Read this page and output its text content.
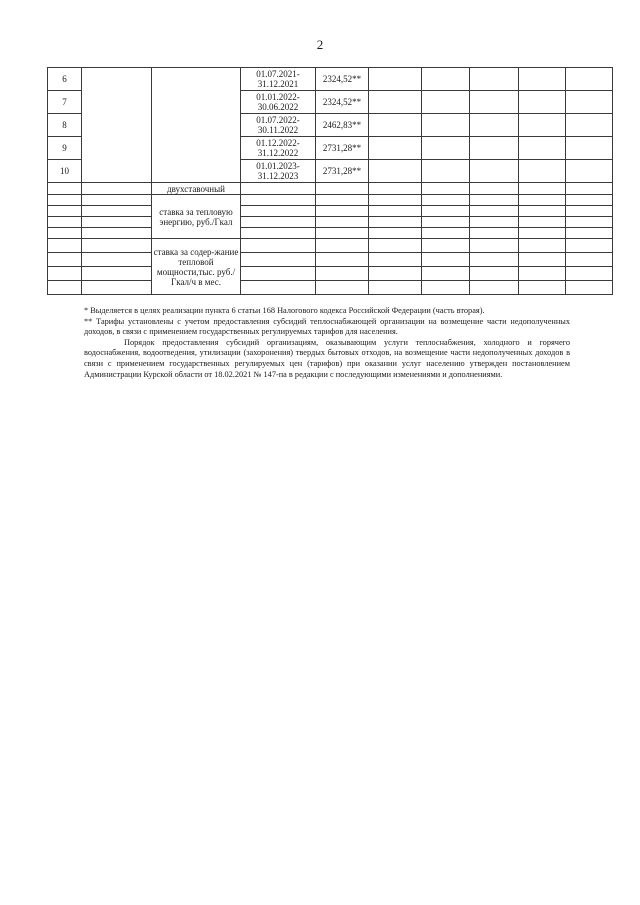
2
6			01.07.2021-31.12.2021	2324,52**					
7			01.01.2022-30.06.2022	2324,52**					
8			01.07.2022-30.11.2022	2462,83**					
9			01.12.2022-31.12.2022	2731,28**					
10			01.01.2023-31.12.2023	2731,28**					
		двухставочный							
		ставка за тепловую энергию, руб./Гкал							

		ставка за содер-жание тепловой мощности,тыс. руб./Гкал/ч в мес.							

* Выделяется в целях реализации пункта 6 статьи 168 Налогового кодекса Российской Федерации (часть вторая).

** Тарифы установлены с учетом предоставления субсидий теплоснабжающей организации на возмещение части недополученных доходов, в связи с применением государственных регулируемых тарифов для населения.

Порядок предоставления субсидий организациям, оказывающим услуги теплоснабжения, холодного и горячего водоснабжения, водоотведения, утилизации (захоронения) твердых бытовых отходов, на возмещение части недополученных доходов в связи с применением государственных регулируемых цен (тарифов) при оказании услуг населению утвержден постановлением Администрации Курской области от 18.02.2021 № 147-па в редакции с последующими изменениями и дополнениями.
